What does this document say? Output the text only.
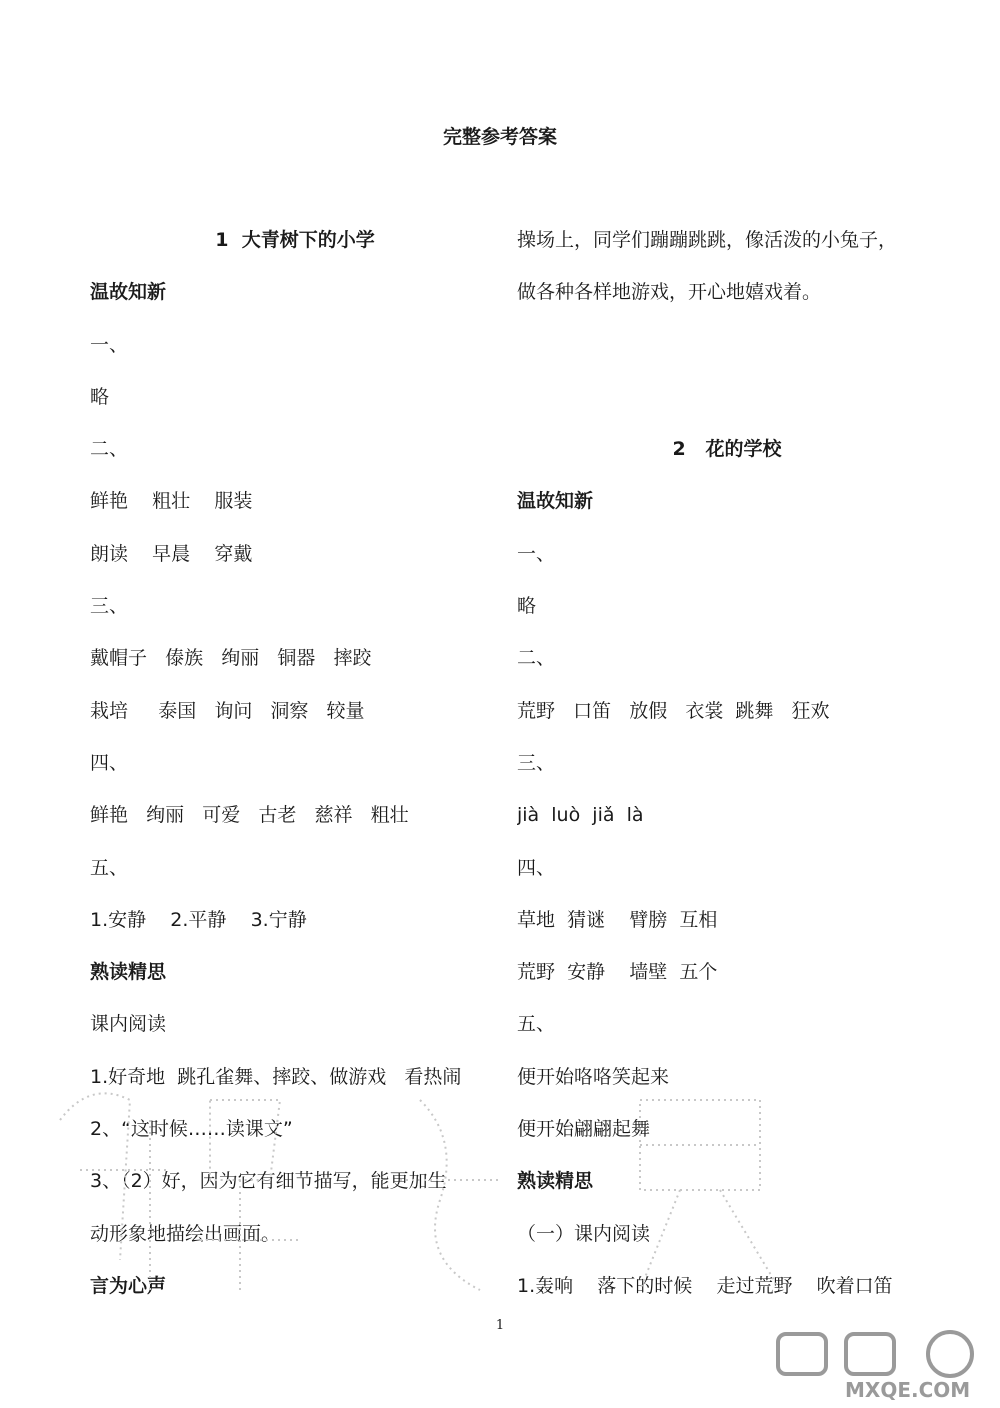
完整参考答案
1  大青树下的小学
温故知新
一、
略
二、
鲜艳    粗壮    服装
朗读    早晨    穿戴
三、
戴帽子   傣族   绚丽   铜器   摔跤
栽培     泰国   询问   洞察   较量
四、
鲜艳   绚丽   可爱   古老   慈祥   粗壮
五、
1.安静    2.平静    3.宁静
熟读精思
课内阅读
1.好奇地  跳孔雀舞、摔跤、做游戏   看热闹
2、“这时候……读课文”
3、（2）好，因为它有细节描写，能更加生
动形象地描绘出画面。
言为心声
操场上，同学们蹦蹦跳跳，像活泼的小兔子，
做各种各样地游戏，开心地嬉戏着。
2   花的学校
温故知新
一、
略
二、
荒野   口笛   放假   衣裳  跳舞   狂欢
三、
jià  luò  jiǎ  là
四、
草地  猜谜    臂膀  互相
荒野  安静    墙壁  五个
五、
便开始咯咯笑起来
便开始翩翩起舞
熟读精思
（一）课内阅读
1.轰响    落下的时候    走过荒野    吹着口笛
1
MXQE.COM
